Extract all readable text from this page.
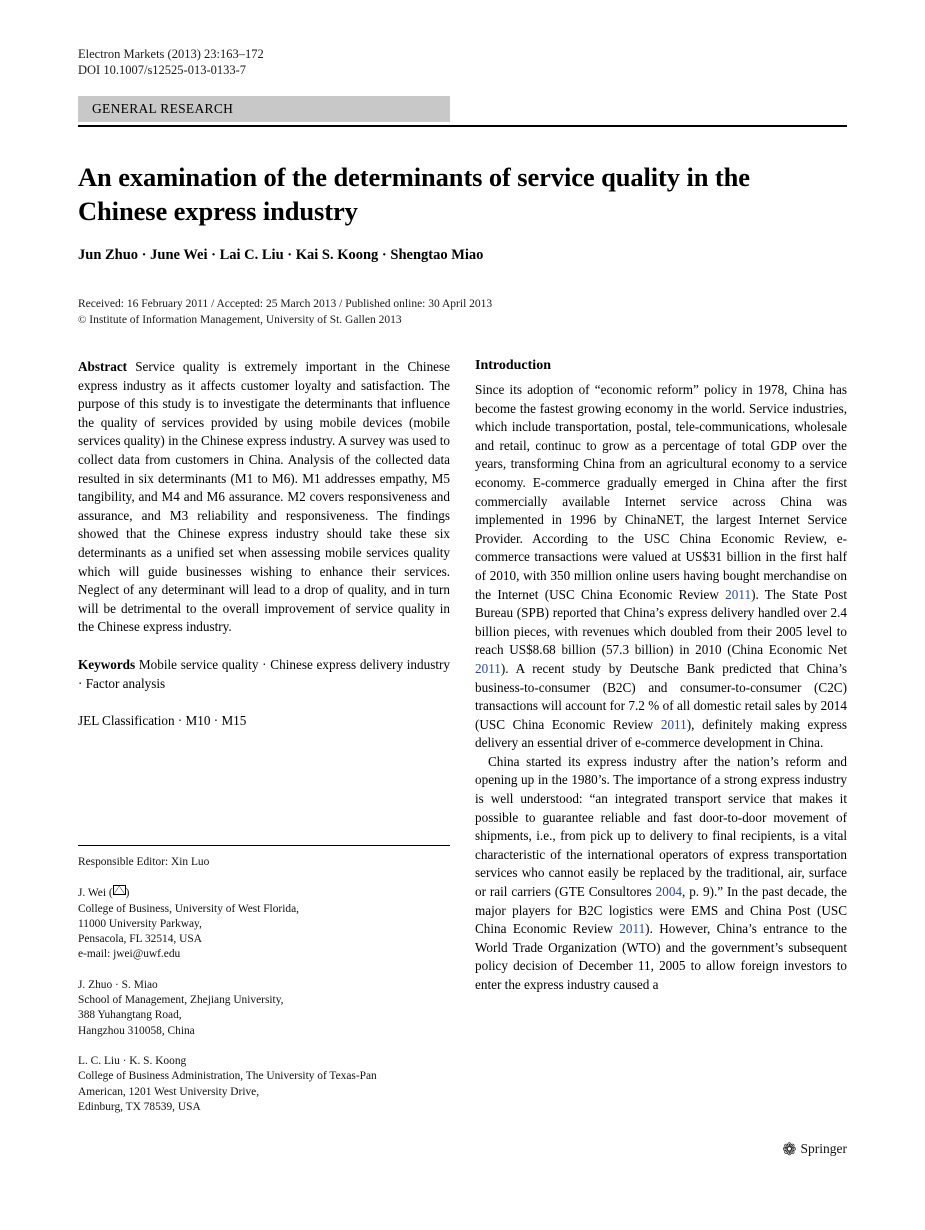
Electron Markets (2013) 23:163–172
DOI 10.1007/s12525-013-0133-7
GENERAL RESEARCH
An examination of the determinants of service quality in the Chinese express industry
Jun Zhuo · June Wei · Lai C. Liu · Kai S. Koong · Shengtao Miao
Received: 16 February 2011 / Accepted: 25 March 2013 / Published online: 30 April 2013
© Institute of Information Management, University of St. Gallen 2013

Abstract Service quality is extremely important in the Chinese express industry as it affects customer loyalty and satisfaction. The purpose of this study is to investigate the determinants that influence the quality of services provided by using mobile devices (mobile services quality) in the Chinese express industry. A survey was used to collect data from customers in China. Analysis of the collected data resulted in six determinants (M1 to M6). M1 addresses empathy, M5 tangibility, and M4 and M6 assurance. M2 covers responsiveness and assurance, and M3 reliability and responsiveness. The findings showed that the Chinese express industry should take these six determinants as a unified set when assessing mobile services quality which will guide businesses wishing to enhance their services. Neglect of any determinant will lead to a drop of quality, and in turn will be detrimental to the overall improvement of service quality in the Chinese express industry.

Keywords Mobile service quality · Chinese express delivery industry · Factor analysis

JEL Classification · M10 · M15

Responsible Editor: Xin Luo
J. Wei ( )
College of Business, University of West Florida,
11000 University Parkway,
Pensacola, FL 32514, USA
e-mail: jwei@uwf.edu
J. Zhuo · S. Miao
School of Management, Zhejiang University,
388 Yuhangtang Road,
Hangzhou 310058, China
L. C. Liu · K. S. Koong
College of Business Administration, The University of Texas-Pan
American, 1201 West University Drive,
Edinburg, TX 78539, USA
Introduction

Since its adoption of “economic reform” policy in 1978, China has become the fastest growing economy in the world. Service industries, which include transportation, postal, tele-communications, wholesale and retail, continuc to grow as a percentage of total GDP over the years, transforming China from an agricultural economy to a service economy. E-commerce gradually emerged in China after the first commercially available Internet service across China was implemented in 1996 by ChinaNET, the largest Internet Service Provider. According to the USC China Economic Review, e-commerce transactions were valued at US$31 billion in the first half of 2010, with 350 million online users having bought merchandise on the Internet (USC China Economic Review 2011). The State Post Bureau (SPB) reported that China’s express delivery handled over 2.4 billion pieces, with revenues which doubled from their 2005 level to reach US$8.68 billion (57.3 billion) in 2010 (China Economic Net 2011). A recent study by Deutsche Bank predicted that China’s business-to-consumer (B2C) and consumer-to-consumer (C2C) transactions will account for 7.2 % of all domestic retail sales by 2014 (USC China Economic Review 2011), definitely making express delivery an essential driver of e-commerce development in China.

China started its express industry after the nation’s reform and opening up in the 1980’s. The importance of a strong express industry is well understood: “an integrated transport service that makes it possible to guarantee reliable and fast door-to-door movement of shipments, i.e., from pick up to delivery to final recipients, is a vital characteristic of the international operators of express transportation services who cannot easily be replaced by the traditional, air, surface or rail carriers (GTE Consultores 2004, p. 9).” In the past decade, the major players for B2C logistics were EMS and China Post (USC China Economic Review 2011). However, China’s entrance to the World Trade Organization (WTO) and the government’s subsequent policy decision of December 11, 2005 to allow foreign investors to enter the express industry caused a

❁ Springer
